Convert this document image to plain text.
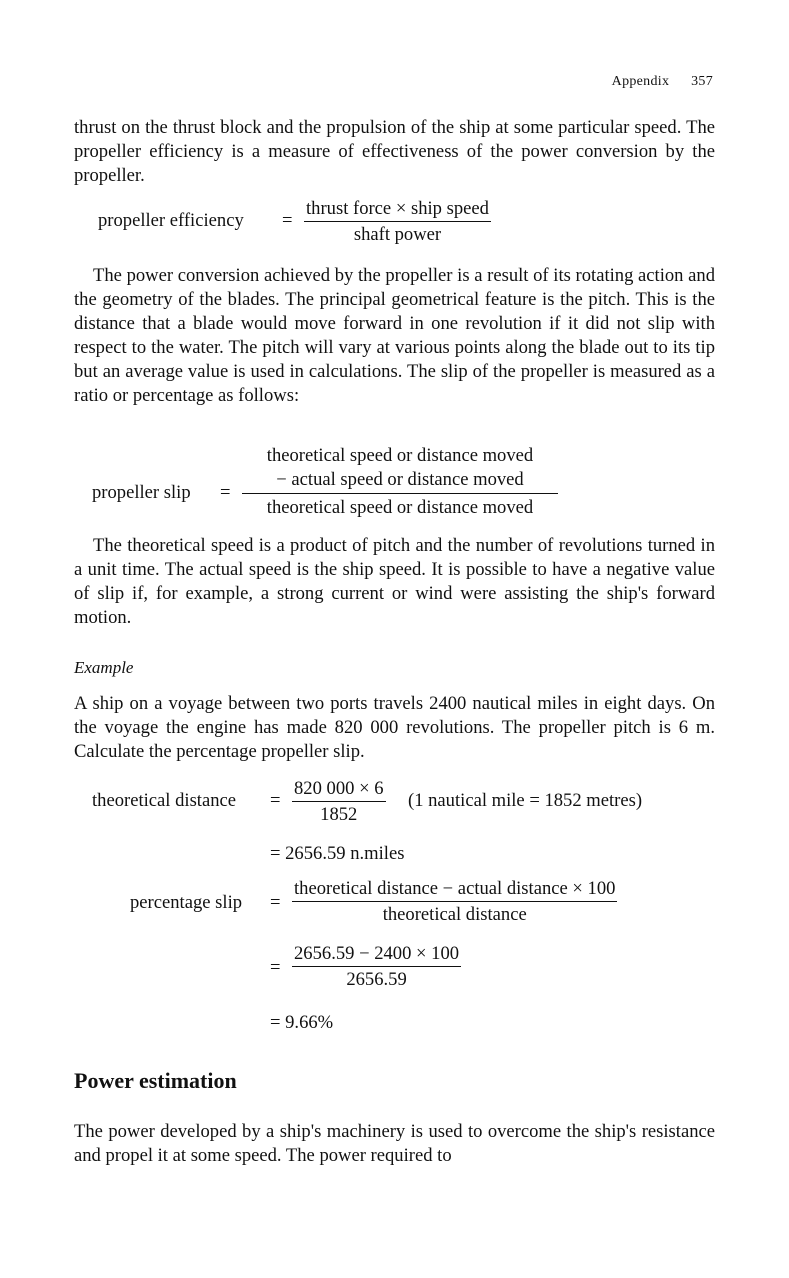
Appendix 357
thrust on the thrust block and the propulsion of the ship at some particular speed. The propeller efficiency is a measure of effectiveness of the power conversion by the propeller.
propeller efficiency =
thrust force × ship speed
shaft power
The power conversion achieved by the propeller is a result of its rotating action and the geometry of the blades. The principal geometrical feature is the pitch. This is the distance that a blade would move forward in one revolution if it did not slip with respect to the water. The pitch will vary at various points along the blade out to its tip but an average value is used in calculations. The slip of the propeller is measured as a ratio or percentage as follows:
propeller slip =
theoretical speed or distance moved
− actual speed or distance moved
theoretical speed or distance moved
The theoretical speed is a product of pitch and the number of revolutions turned in a unit time. The actual speed is the ship speed. It is possible to have a negative value of slip if, for example, a strong current or wind were assisting the ship's forward motion.
Example
A ship on a voyage between two ports travels 2400 nautical miles in eight days. On the voyage the engine has made 820 000 revolutions. The propeller pitch is 6 m. Calculate the percentage propeller slip.
theoretical distance = $\frac{820 000 \times 6}{1852} (1$ nautical mile = 1852 metres)
= 2656.59 n.miles
percentage slip =
theoretical distance − actual distance × 100
theoretical distance
= $\frac{2656.59 - 2400 \times 100}{2656.59}$
= 9.66%
Power estimation
The power developed by a ship's machinery is used to overcome the ship's resistance and propel it at some speed. The power required to
